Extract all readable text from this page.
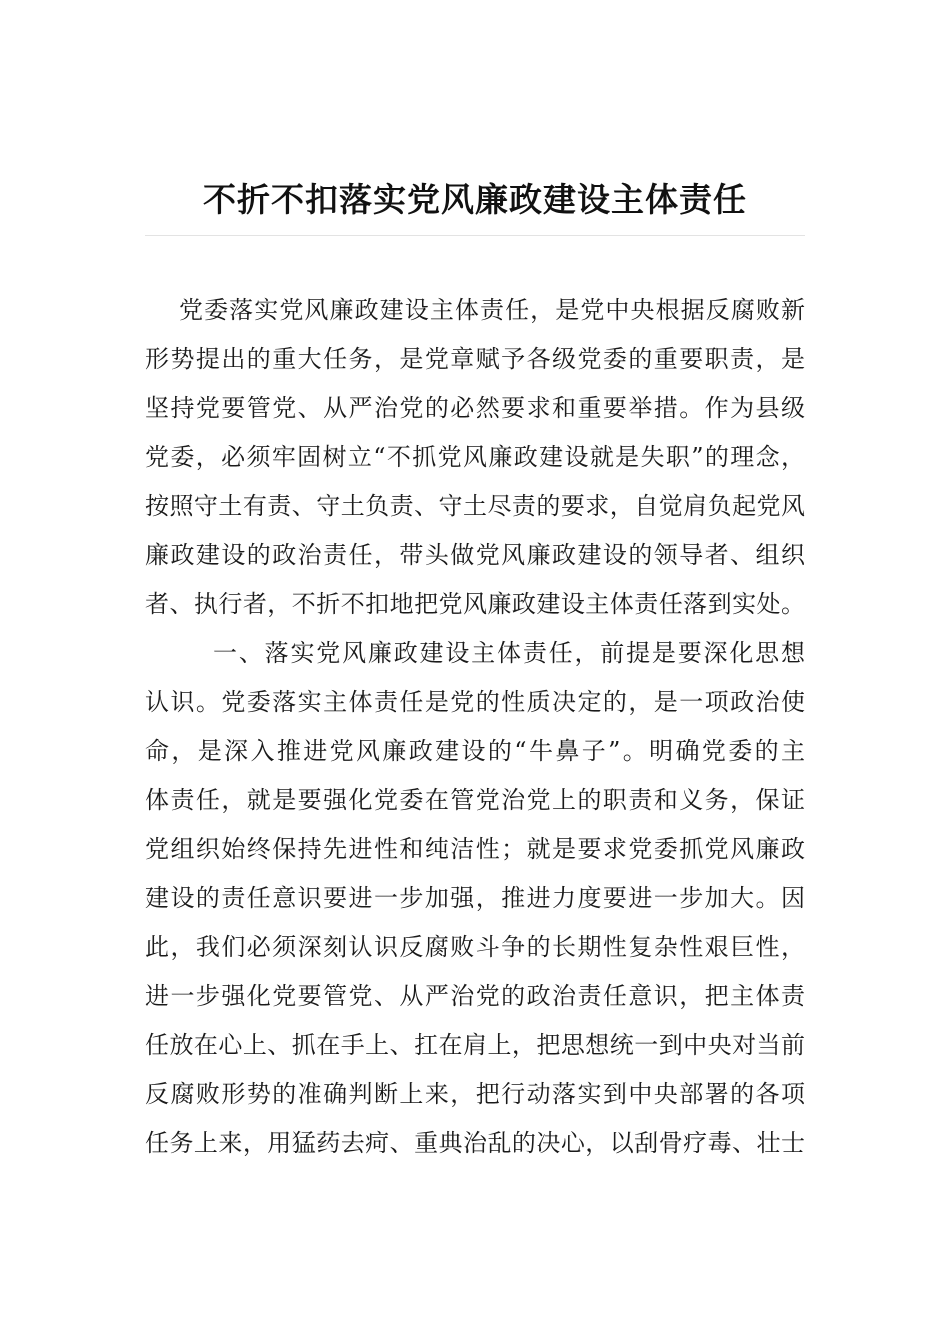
不折不扣落实党风廉政建设主体责任
党委落实党风廉政建设主体责任，是党中央根据反腐败新
形势提出的重大任务，是党章赋予各级党委的重要职责，是
坚持党要管党、从严治党的必然要求和重要举措。作为县级
党委，必须牢固树立“不抓党风廉政建设就是失职”的理念，
按照守土有责、守土负责、守土尽责的要求，自觉肩负起党风
廉政建设的政治责任，带头做党风廉政建设的领导者、组织
者、执行者，不折不扣地把党风廉政建设主体责任落到实处。
一、落实党风廉政建设主体责任，前提是要深化思想
认识。党委落实主体责任是党的性质决定的，是一项政治使
命，是深入推进党风廉政建设的“牛鼻子”。明确党委的主
体责任，就是要强化党委在管党治党上的职责和义务，保证
党组织始终保持先进性和纯洁性；就是要求党委抓党风廉政
建设的责任意识要进一步加强，推进力度要进一步加大。因
此，我们必须深刻认识反腐败斗争的长期性复杂性艰巨性，
进一步强化党要管党、从严治党的政治责任意识，把主体责
任放在心上、抓在手上、扛在肩上，把思想统一到中央对当前
反腐败形势的准确判断上来，把行动落实到中央部署的各项
任务上来，用猛药去疴、重典治乱的决心，以刮骨疗毒、壮士
